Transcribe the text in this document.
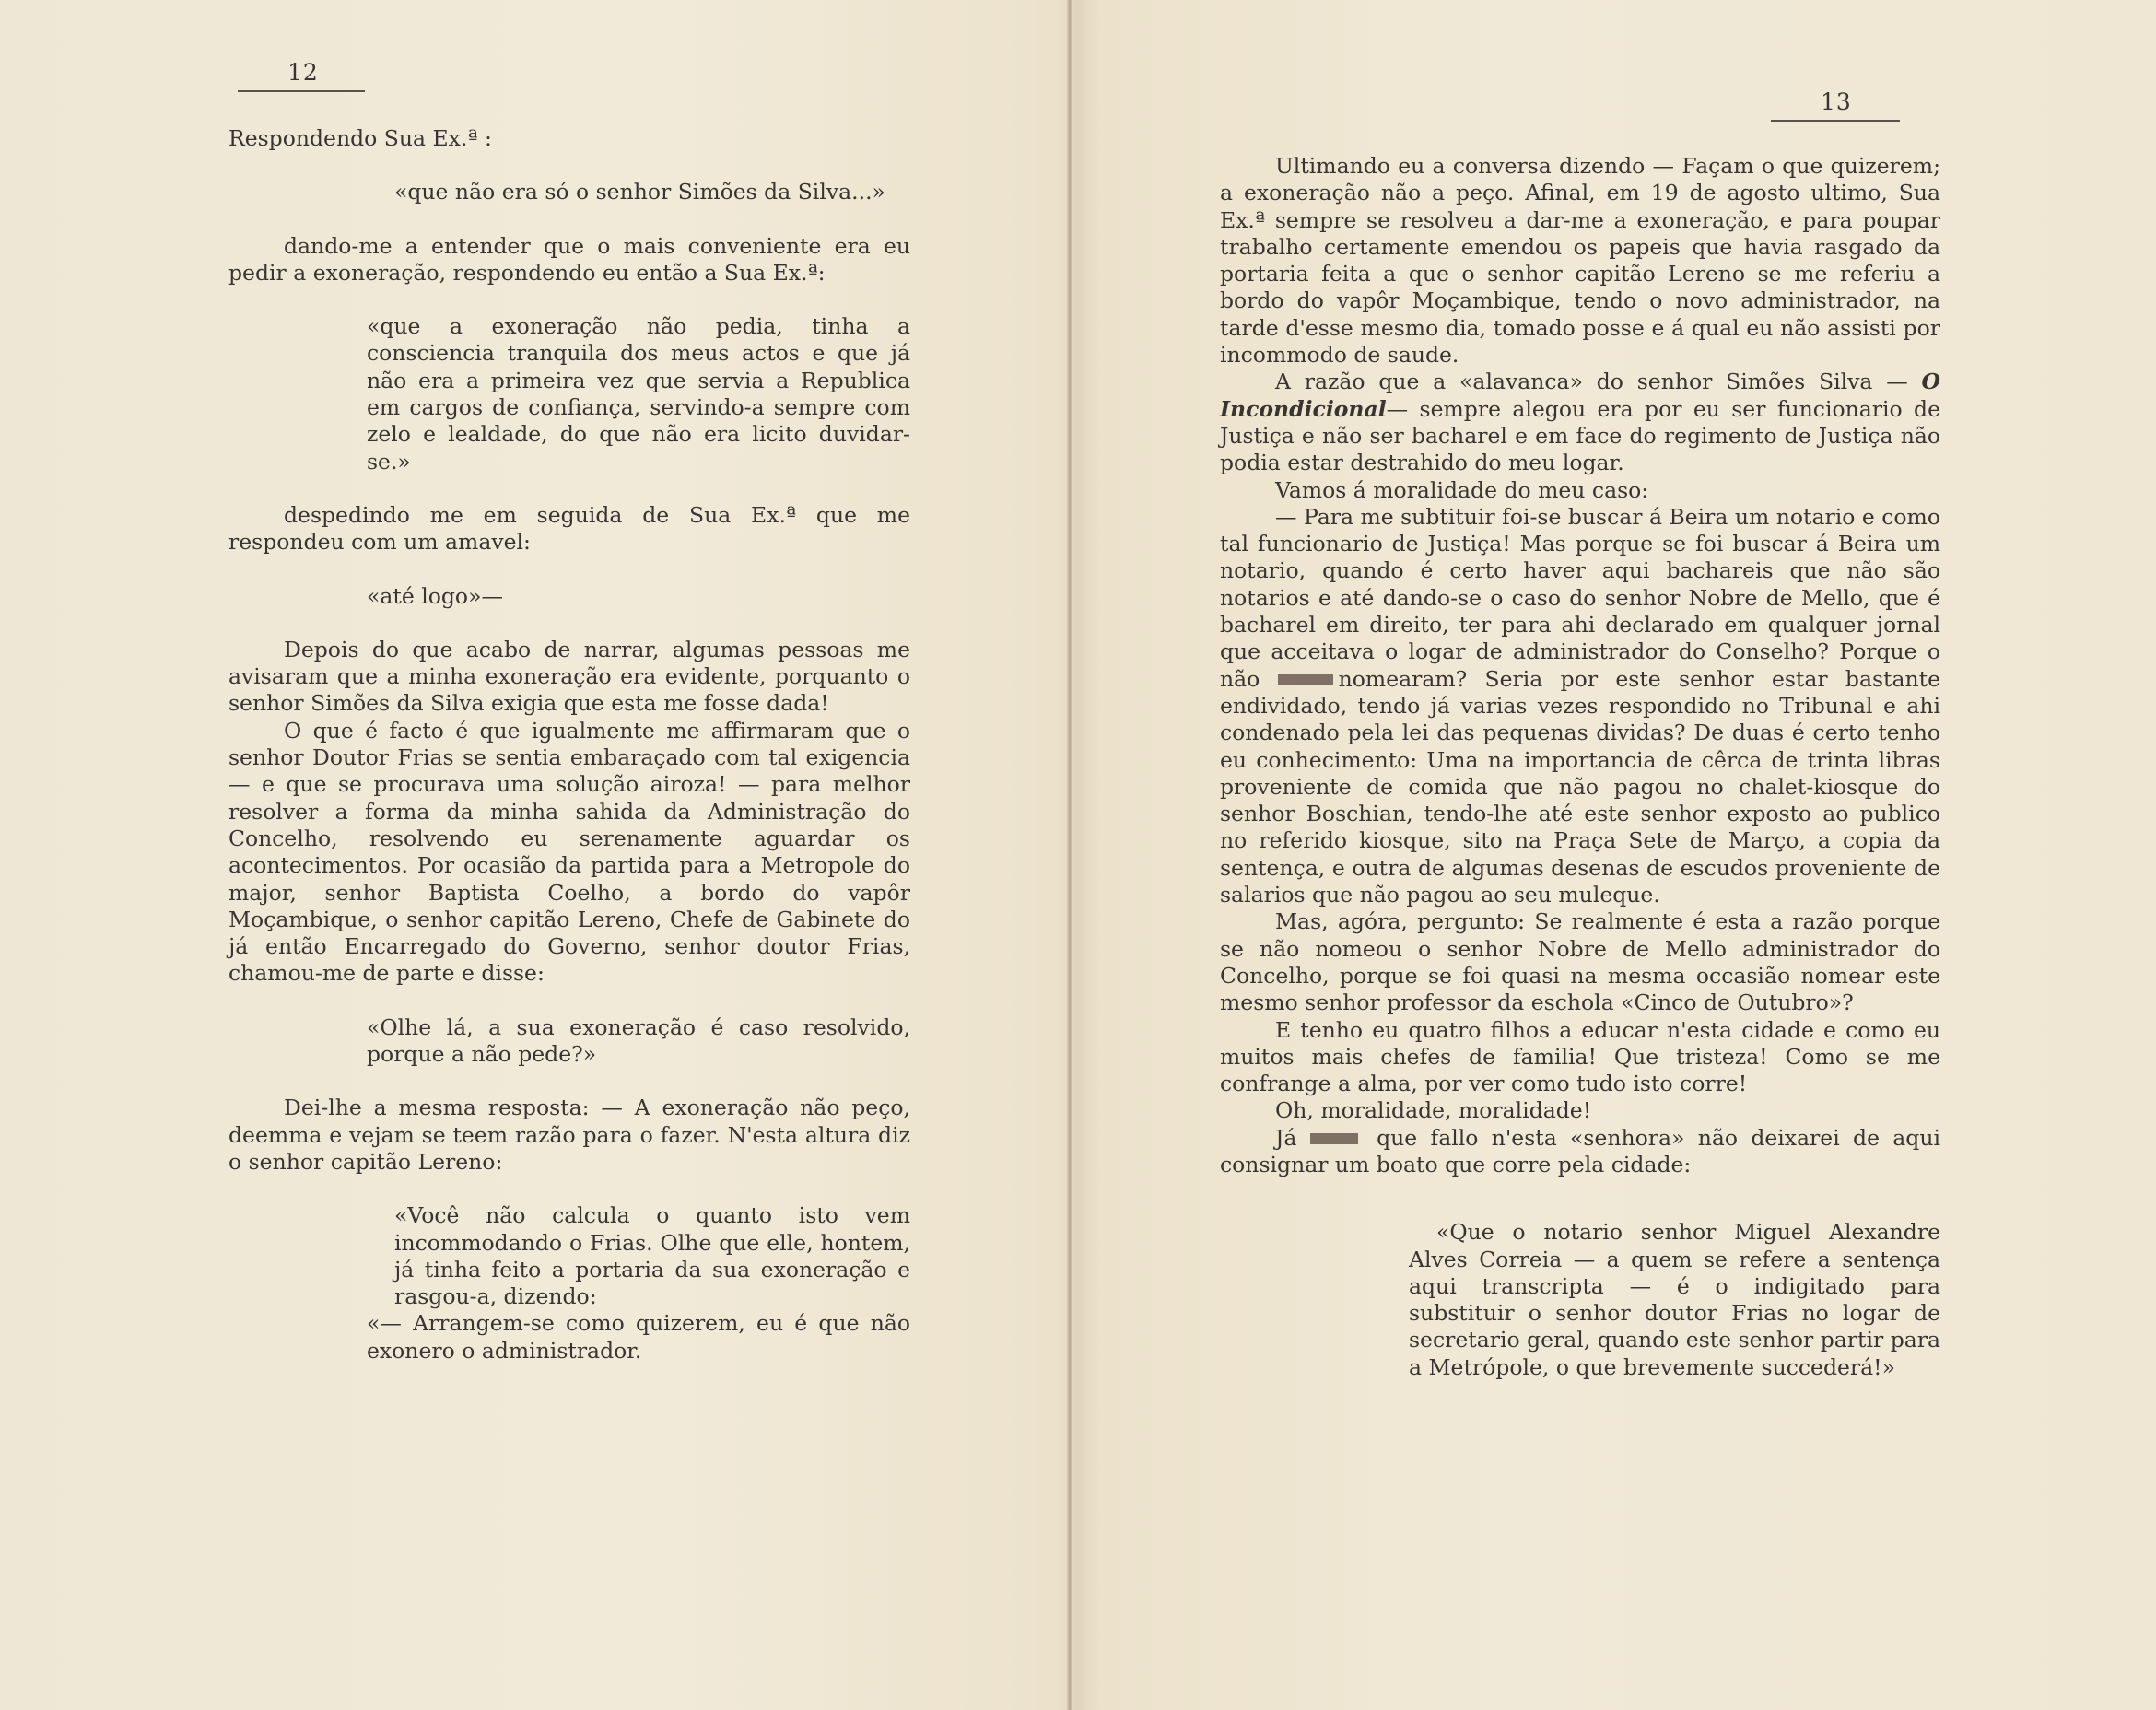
12

Respondendo Sua Ex.ª :

«que não era só o senhor Simões da Silva...»

dando-me a entender que o mais conveniente era eu pedir a exoneração, respondendo eu então a Sua Ex.ª:

«que a exoneração não pedia, tinha a consciencia tranquila dos meus actos e que já não era a primeira vez que servia a Republica em cargos de confiança, servindo-a sempre com zelo e lealdade, do que não era licito duvidar-se.»

despedindo me em seguida de Sua Ex.ª que me respondeu com um amavel:

«até logo»—

Depois do que acabo de narrar, algumas pessoas me avisaram que a minha exoneração era evidente, porquanto o senhor Simões da Silva exigia que esta me fosse dada!

O que é facto é que igualmente me affirmaram que o senhor Doutor Frias se sentia embaraçado com tal exigencia — e que se procurava uma solução airoza! — para melhor resolver a forma da minha sahida da Administração do Concelho, resolvendo eu serenamente aguardar os acontecimentos. Por ocasião da partida para a Metropole do major, senhor Baptista Coelho, a bordo do vapôr Moçambique, o senhor capitão Lereno, Chefe de Gabinete do já então Encarregado do Governo, senhor doutor Frias, chamou-me de parte e disse:

«Olhe lá, a sua exoneração é caso resolvido, porque a não pede?»

Dei-lhe a mesma resposta: — A exoneração não peço, deemma e vejam se teem razão para o fazer. N'esta altura diz o senhor capitão Lereno:

«Você não calcula o quanto isto vem incommodando o Frias. Olhe que elle, hontem, já tinha feito a portaria da sua exoneração e rasgou-a, dizendo:

«— Arrangem-se como quizerem, eu é que não exonero o administrador.

13

Ultimando eu a conversa dizendo — Façam o que quizerem; a exoneração não a peço. Afinal, em 19 de agosto ultimo, Sua Ex.ª sempre se resolveu a dar-me a exoneração, e para poupar trabalho certamente emendou os papeis que havia rasgado da portaria feita a que o senhor capitão Lereno se me referiu a bordo do vapôr Moçambique, tendo o novo administrador, na tarde d'esse mesmo dia, tomado posse e á qual eu não assisti por incommodo de saude.

A razão que a «alavanca» do senhor Simões Silva — O Incondicional— sempre alegou era por eu ser funcionario de Justiça e não ser bacharel e em face do regimento de Justiça não podia estar destrahido do meu logar.

Vamos á moralidade do meu caso:

— Para me subtituir foi-se buscar á Beira um notario e como tal funcionario de Justiça! Mas porque se foi buscar á Beira um notario, quando é certo haver aqui bachareis que não são notarios e até dando-se o caso do senhor Nobre de Mello, que é bacharel em direito, ter para ahi declarado em qualquer jornal que acceitava o logar de administrador do Conselho? Porque o não	nomearam? Seria por este senhor estar bastante endividado, tendo já varias vezes respondido no Tribunal e ahi condenado pela lei das pequenas dividas? De duas é certo tenho eu conhecimento: Uma na importancia de cêrca de trinta libras proveniente de comida que não pagou no chalet-kiosque do senhor Boschian, tendo-lhe até este senhor exposto ao publico no referido kiosque, sito na Praça Sete de Março, a copia da sentença, e outra de algumas desenas de escudos proveniente de salarios que não pagou ao seu muleque.

Mas, agóra, pergunto: Se realmente é esta a razão porque se não nomeou o senhor Nobre de Mello administrador do Concelho, porque se foi quasi na mesma occasião nomear este mesmo senhor professor da eschola «Cinco de Outubro»?

E tenho eu quatro filhos a educar n'esta cidade e como eu muitos mais chefes de familia! Que tristeza! Como se me confrange a alma, por ver como tudo isto corre!

Oh, moralidade, moralidade!

Já	que fallo n'esta «senhora» não deixarei de aqui consignar um boato que corre pela cidade:

«Que o notario senhor Miguel Alexandre Alves Correia — a quem se refere a sentença aqui transcripta — é o indigitado para substituir o senhor doutor Frias no logar de secretario geral, quando este senhor partir para a Metrópole, o que brevemente succederá!»
